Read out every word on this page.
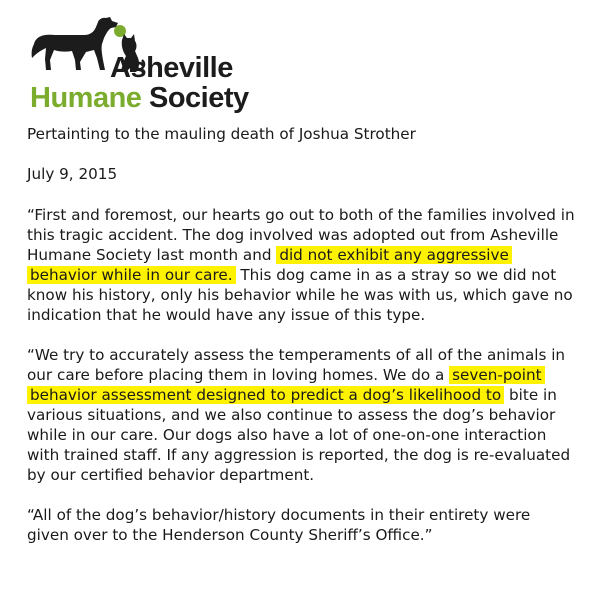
Asheville
Humane Society

Pertainting to the mauling death of Joshua Strother

July 9, 2015

“First and foremost, our hearts go out to both of the families involved in this tragic accident. The dog involved was adopted out from Asheville Humane Society last month and did not exhibit any aggressive behavior while in our care. This dog came in as a stray so we did not know his history, only his behavior while he was with us, which gave no indication that he would have any issue of this type.

“We try to accurately assess the temperaments of all of the animals in our care before placing them in loving homes. We do a seven-point behavior assessment designed to predict a dog’s likelihood to bite in various situations, and we also continue to assess the dog’s behavior while in our care. Our dogs also have a lot of one-on-one interaction with trained staff. If any aggression is reported, the dog is re-evaluated by our certified behavior department.

“All of the dog’s behavior/history documents in their entirety were given over to the Henderson County Sheriff’s Office.”
